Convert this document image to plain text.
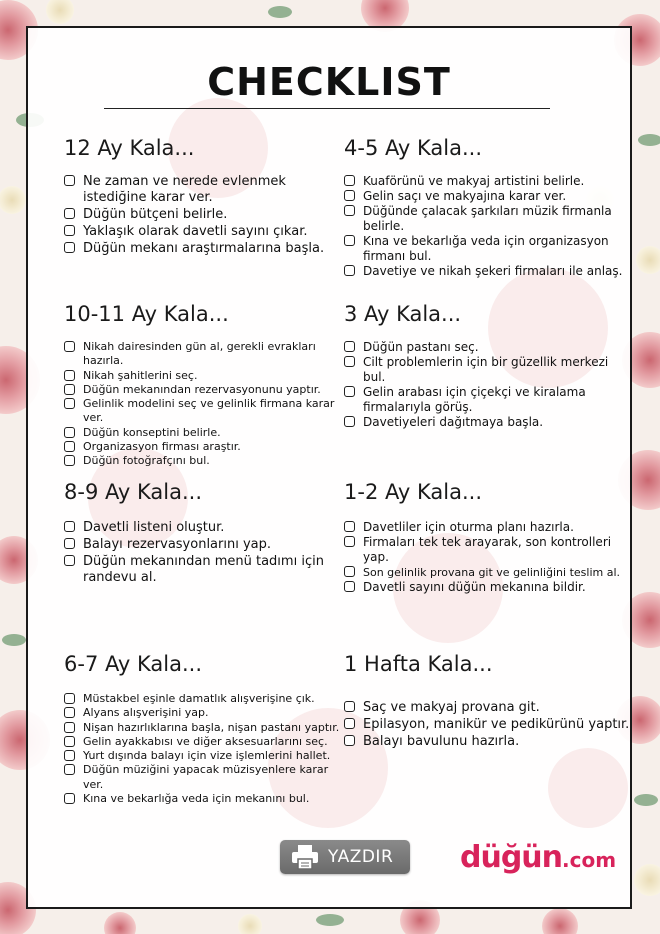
CHECKLIST
12 Ay Kala...
Ne zaman ve nerede evlenmek istediğine karar ver.
Düğün bütçeni belirle.
Yaklaşık olarak davetli sayını çıkar.
Düğün mekanı araştırmalarına başla.
4-5 Ay Kala...
Kuaförünü ve makyaj artistini belirle.
Gelin saçı ve makyajına karar ver.
Düğünde çalacak şarkıları müzik firmanla belirle.
Kına ve bekarlığa veda için organizasyon firmanı bul.
Davetiye ve nikah şekeri firmaları ile anlaş.
10-11 Ay Kala...
Nikah dairesinden gün al, gerekli evrakları hazırla.
Nikah şahitlerini seç.
Düğün mekanından rezervasyonunu yaptır.
Gelinlik modelini seç ve gelinlik firmana karar ver.
Düğün konseptini belirle.
Organizasyon firması araştır.
Düğün fotoğrafçını bul.
3 Ay Kala...
Düğün pastanı seç.
Cilt problemlerin için bir güzellik merkezi bul.
Gelin arabası için çiçekçi ve kiralama firmalarıyla görüş.
Davetiyeleri dağıtmaya başla.
8-9 Ay Kala...
Davetli listeni oluştur.
Balayı rezervasyonlarını yap.
Düğün mekanından menü tadımı için randevu al.
1-2 Ay Kala...
Davetliler için oturma planı hazırla.
Firmaları tek tek arayarak, son kontrolleri yap.
Son gelinlik provana git ve gelinliğini teslim al.
Davetli sayını düğün mekanına bildir.
6-7 Ay Kala...
Müstakbel eşinle damatlık alışverişine çık.
Alyans alışverişini yap.
Nişan hazırlıklarına başla, nişan pastanı yaptır.
Gelin ayakkabısı ve diğer aksesuarlarını seç.
Yurt dışında balayı için vize işlemlerini hallet.
Düğün müziğini yapacak müzisyenlere karar ver.
Kına ve bekarlığa veda için mekanını bul.
1 Hafta Kala...
Saç ve makyaj provana git.
Epilasyon, manikür ve pedikürünü yaptır.
Balayı bavulunu hazırla.
YAZDIR düğün.com
